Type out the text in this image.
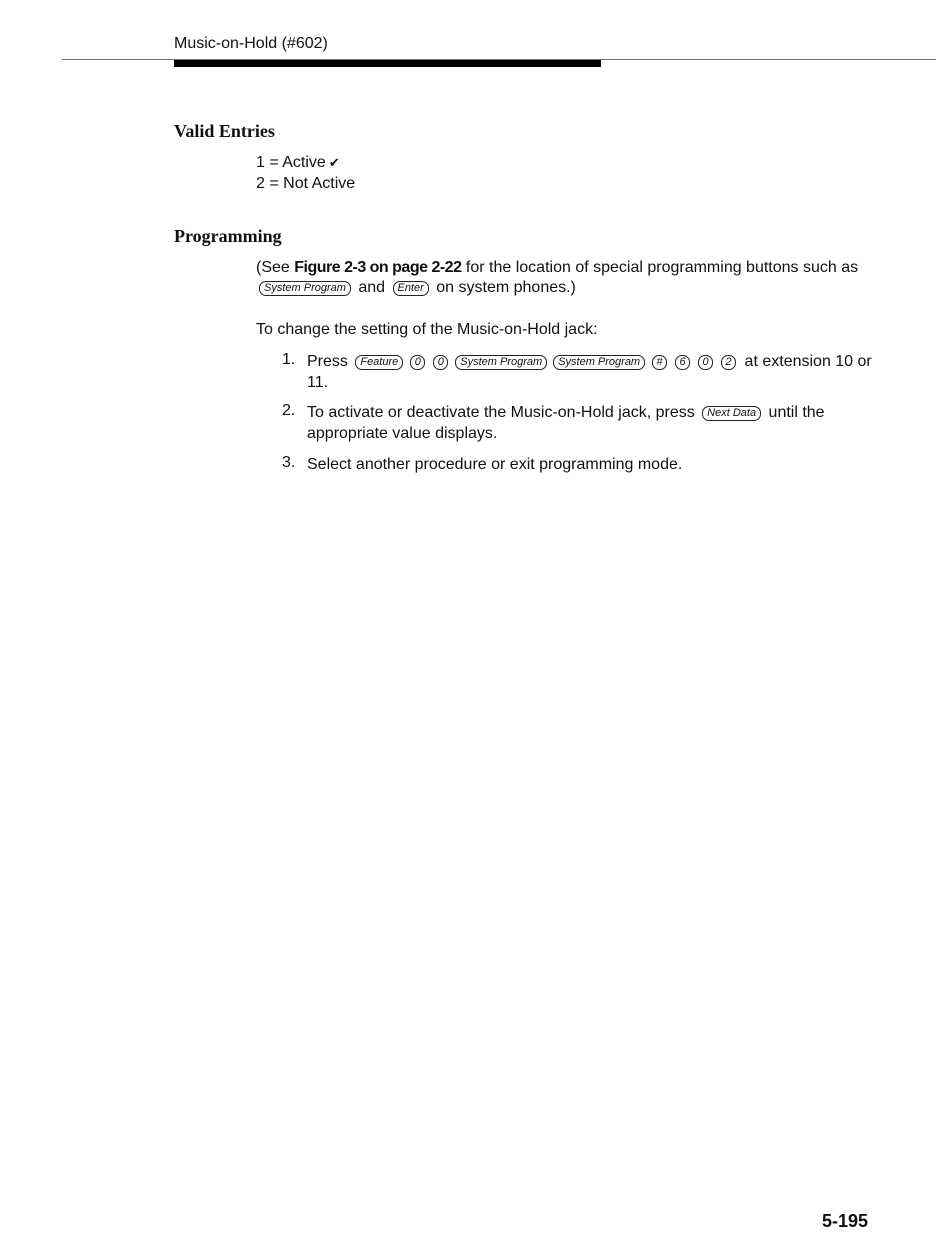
Music-on-Hold (#602)
Valid Entries
1 = Active ✔
2 = Not Active
Programming
(See Figure 2-3 on page 2-22 for the location of special programming buttons such as System Program and Enter on system phones.)
To change the setting of the Music-on-Hold jack:
1. Press Feature 0 0 System Program System Program # 6 0 2 at extension 10 or 11.
2. To activate or deactivate the Music-on-Hold jack, press Next Data until the appropriate value displays.
3. Select another procedure or exit programming mode.
5-195
